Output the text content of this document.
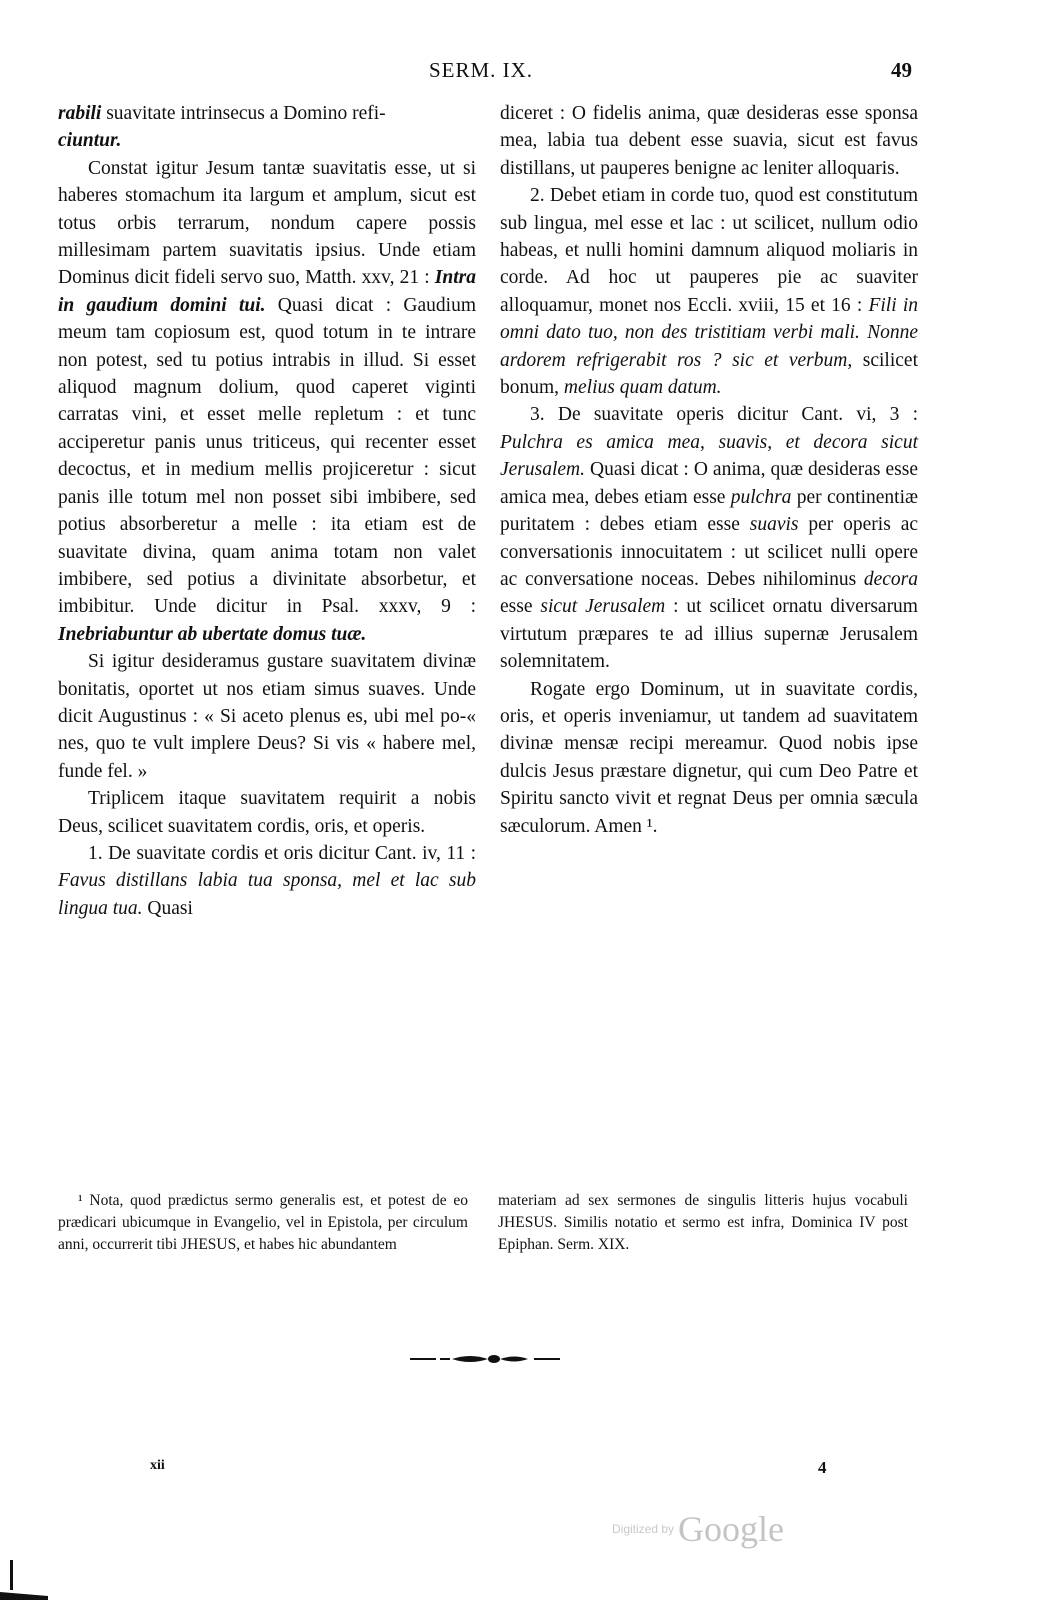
SERM. IX.	49

rabili suavitate intrinsecus a Domino refi-
ciuntur.

Constat igitur Jesum tantæ suavitatis esse, ut si haberes stomachum ita largum et amplum, sicut est totus orbis terrarum, nondum capere possis millesimam partem suavitatis ipsius. Unde etiam Dominus dicit fideli servo suo, Matth. xxv, 21 : Intra in gaudium domini tui. Quasi dicat : Gaudium meum tam copiosum est, quod totum in te intrare non potest, sed tu potius intrabis in illud. Si esset aliquod magnum dolium, quod caperet viginti carratas vini, et esset melle repletum : et tunc acciperetur panis unus triticeus, qui recenter esset decoctus, et in medium mellis projiceretur : sicut panis ille totum mel non posset sibi imbibere, sed potius absorberetur a melle : ita etiam est de suavitate divina, quam anima totam non valet imbibere, sed potius a divinitate absorbetur, et imbibitur. Unde dicitur in Psal. xxxv, 9 : Inebriabuntur ab ubertate domus tuæ.

Si igitur desideramus gustare suavitatem divinæ bonitatis, oportet ut nos etiam simus suaves. Unde dicit Augustinus : « Si aceto plenus es, ubi mel po-« nes, quo te vult implere Deus? Si vis « habere mel, funde fel. »

Triplicem itaque suavitatem requirit a nobis Deus, scilicet suavitatem cordis, oris, et operis.

1. De suavitate cordis et oris dicitur Cant. iv, 11 : Favus distillans labia tua sponsa, mel et lac sub lingua tua. Quasi

diceret : O fidelis anima, quæ desideras esse sponsa mea, labia tua debent esse suavia, sicut est favus distillans, ut pauperes benigne ac leniter alloquaris.

2. Debet etiam in corde tuo, quod est constitutum sub lingua, mel esse et lac : ut scilicet, nullum odio habeas, et nulli homini damnum aliquod moliaris in corde. Ad hoc ut pauperes pie ac suaviter alloquamur, monet nos Eccli. xviii, 15 et 16 : Fili in omni dato tuo, non des tristitiam verbi mali. Nonne ardorem refrigerabit ros ? sic et verbum, scilicet bonum, melius quam datum.

3. De suavitate operis dicitur Cant. vi, 3 : Pulchra es amica mea, suavis, et decora sicut Jerusalem. Quasi dicat : O anima, quæ desideras esse amica mea, debes etiam esse pulchra per continentiæ puritatem : debes etiam esse suavis per operis ac conversationis innocuitatem : ut scilicet nulli opere ac conversatione noceas. Debes nihilominus decora esse sicut Jerusalem : ut scilicet ornatu diversarum virtutum præpares te ad illius supernæ Jerusalem solemnitatem.

Rogate ergo Dominum, ut in suavitate cordis, oris, et operis inveniamur, ut tandem ad suavitatem divinæ mensæ recipi mereamur. Quod nobis ipse dulcis Jesus præstare dignetur, qui cum Deo Patre et Spiritu sancto vivit et regnat Deus per omnia sæcula sæculorum. Amen ¹.

¹ Nota, quod prædictus sermo generalis est, et potest de eo prædicari ubicumque in Evangelio, vel in Epistola, per circulum anni, occurrerit tibi JHESUS, et habes hic abundantem
materiam ad sex sermones de singulis litteris hujus vocabuli JHESUS. Similis notatio et sermo est infra, Dominica IV post Epiphan. Serm. XIX.
xii	4
Digitized by Google
